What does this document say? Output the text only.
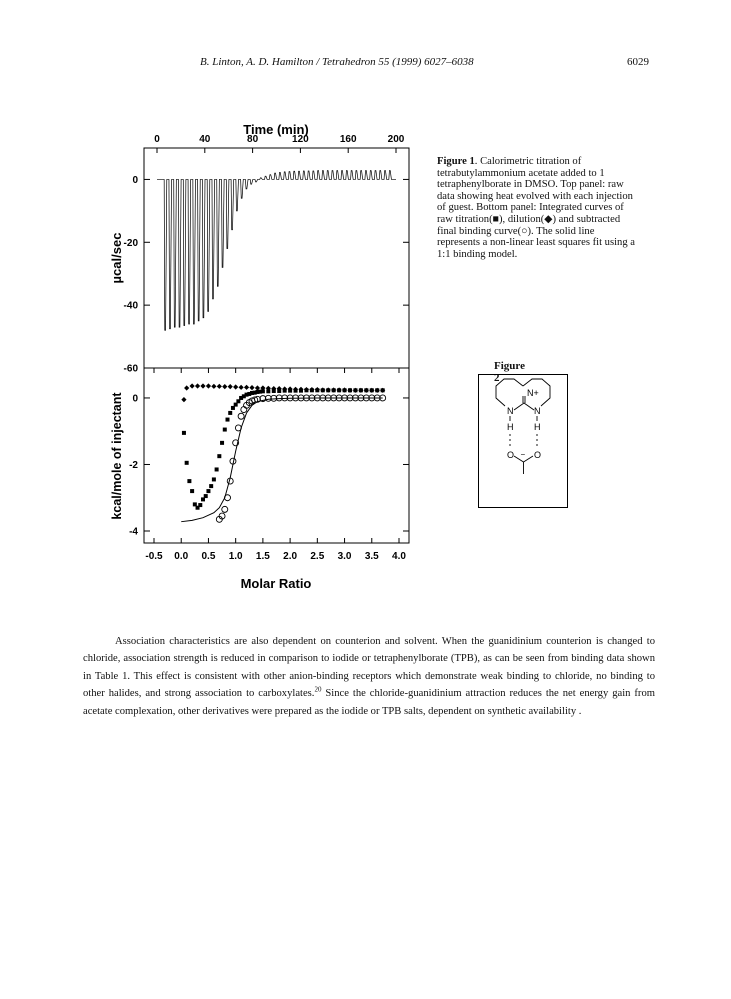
B. Linton, A. D. Hamilton / Tetrahedron 55 (1999) 6027–6038	6029
Time (min)
µcal/sec
0	40	80	120	160	200
0
-20
-40
-60
kcal/mole of injectant
Molar Ratio
-0.5 0.0 0.5 1.0 1.5 2.0 2.5 3.0 3.5 4.0
0
-2
-4
Figure 1. Calorimetric titration of tetrabutylammonium acetate added to 1 tetraphenylborate in DMSO. Top panel: raw data showing heat evolved with each injection of guest. Bottom panel: Integrated curves of raw titration(■), dilution(◆) and subtracted final binding curve(○). The solid line represents a non-linear least squares fit using a 1:1 binding model.
Figure 2
N+
N N
H H
O O
−

Association characteristics are also dependent on counterion and solvent. When the guanidinium counterion is changed to chloride, association strength is reduced in comparison to iodide or tetraphenylborate (TPB), as can be seen from binding data shown in Table 1. This effect is consistent with other anion-binding receptors which demonstrate weak binding to chloride, no binding to other halides, and strong association to carboxylates.$^{20}$ Since the chloride-guanidinium attraction reduces the net energy gain from acetate complexation, other derivatives were prepared as the iodide or TPB salts, dependent on synthetic availability .
